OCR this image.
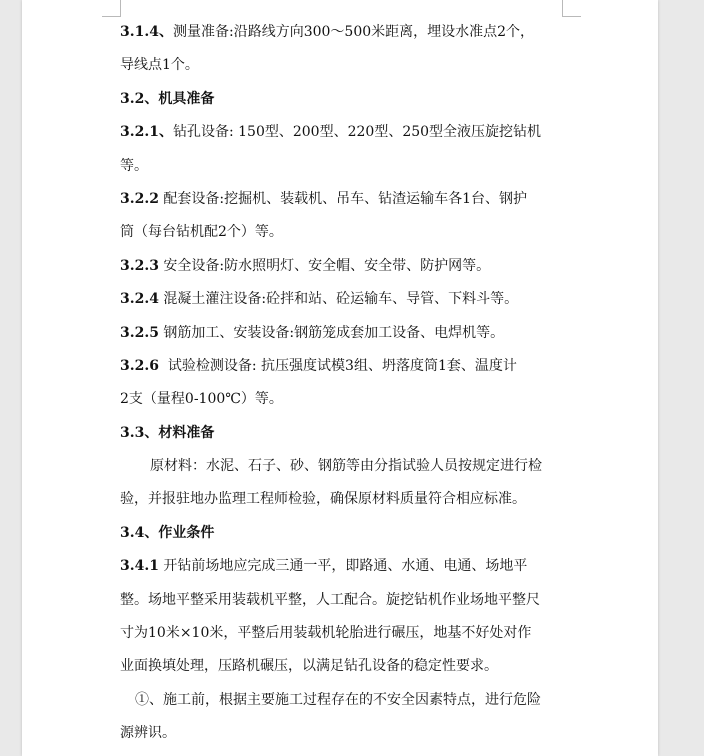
3.1.4、测量准备:沿路线方向300～500米距离，埋设水准点2个，
导线点1个。
3.2、机具准备
3.2.1、钻孔设备: 150型、200型、220型、250型全液压旋挖钻机
等。
3.2.2 配套设备:挖掘机、装载机、吊车、钻渣运输车各1台、钢护
筒（每台钻机配2个）等。
3.2.3 安全设备:防水照明灯、安全帽、安全带、防护网等。
3.2.4 混凝土灌注设备:砼拌和站、砼运输车、导管、下料斗等。
3.2.5 钢筋加工、安装设备:钢筋笼成套加工设备、电焊机等。
3.2.6  试验检测设备: 抗压强度试模3组、坍落度筒1套、温度计
2支（量程0-100℃）等。
3.3、材料准备
原材料：水泥、石子、砂、钢筋等由分指试验人员按规定进行检
验，并报驻地办监理工程师检验，确保原材料质量符合相应标准。
3.4、作业条件
3.4.1 开钻前场地应完成三通一平，即路通、水通、电通、场地平
整。场地平整采用装载机平整，人工配合。旋挖钻机作业场地平整尺
寸为10米×10米，平整后用装载机轮胎进行碾压，地基不好处对作
业面换填处理，压路机碾压，以满足钻孔设备的稳定性要求。
①、施工前，根据主要施工过程存在的不安全因素特点，进行危险
源辨识。
